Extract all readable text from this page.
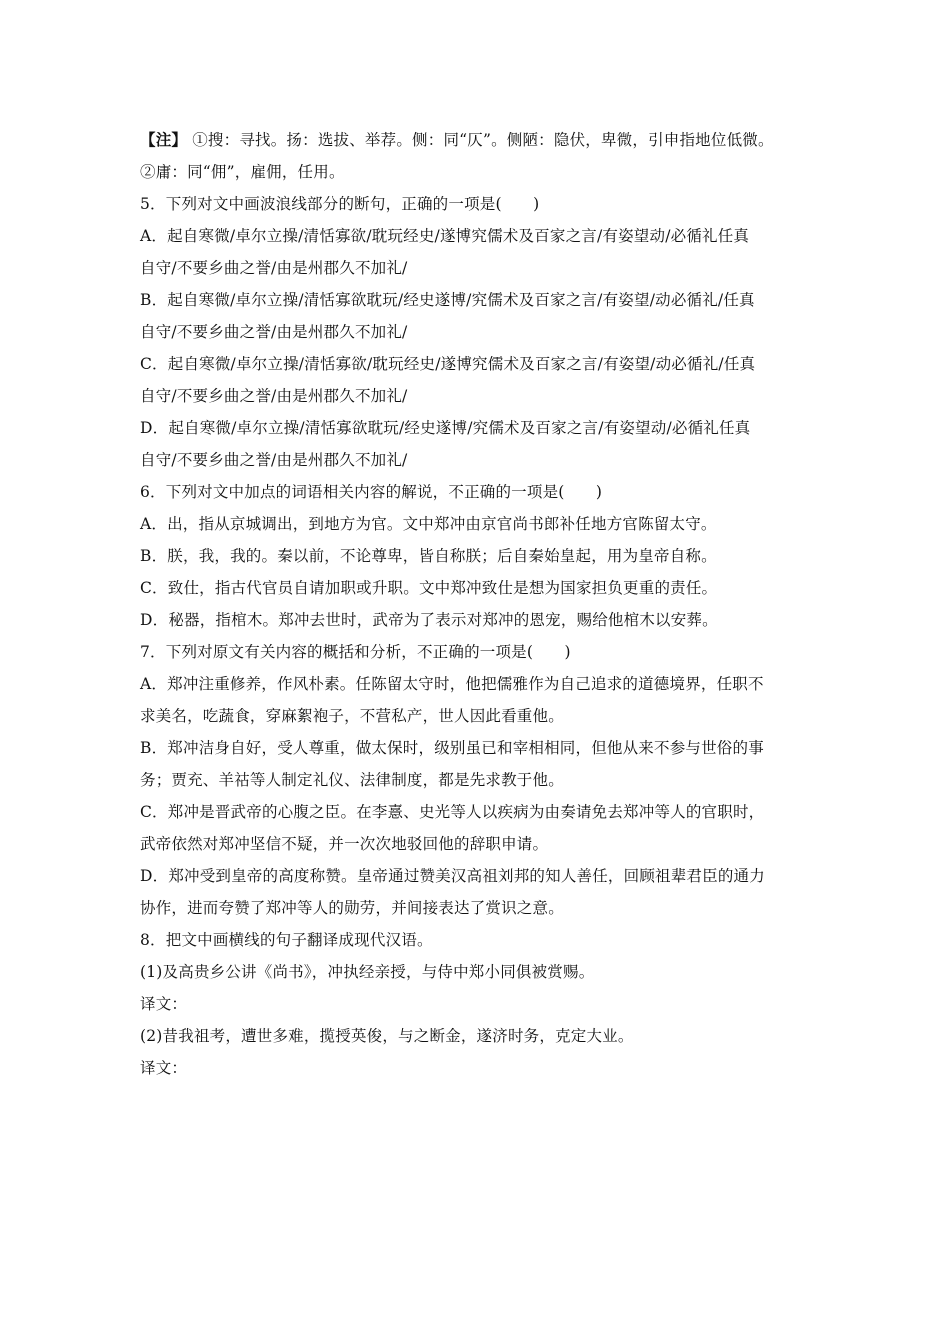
【注】 ①搜：寻找。扬：选拔、举荐。侧：同“仄”。侧陋：隐伏，卑微，引申指地位低微。
②庸：同“佣”，雇佣，任用。
5．下列对文中画波浪线部分的断句，正确的一项是(　　)
A．起自寒微/卓尔立操/清恬寡欲/耽玩经史/遂博究儒术及百家之言/有姿望动/必循礼任真
自守/不要乡曲之誉/由是州郡久不加礼/
B．起自寒微/卓尔立操/清恬寡欲耽玩/经史遂博/究儒术及百家之言/有姿望/动必循礼/任真
自守/不要乡曲之誉/由是州郡久不加礼/
C．起自寒微/卓尔立操/清恬寡欲/耽玩经史/遂博究儒术及百家之言/有姿望/动必循礼/任真
自守/不要乡曲之誉/由是州郡久不加礼/
D．起自寒微/卓尔立操/清恬寡欲耽玩/经史遂博/究儒术及百家之言/有姿望动/必循礼任真
自守/不要乡曲之誉/由是州郡久不加礼/
6．下列对文中加点的词语相关内容的解说，不正确的一项是(　　)
A．出，指从京城调出，到地方为官。文中郑冲由京官尚书郎补任地方官陈留太守。
B．朕，我，我的。秦以前，不论尊卑，皆自称朕；后自秦始皇起，用为皇帝自称。
C．致仕，指古代官员自请加职或升职。文中郑冲致仕是想为国家担负更重的责任。
D．秘器，指棺木。郑冲去世时，武帝为了表示对郑冲的恩宠，赐给他棺木以安葬。
7．下列对原文有关内容的概括和分析，不正确的一项是(　　)
A．郑冲注重修养，作风朴素。任陈留太守时，他把儒雅作为自己追求的道德境界，任职不
求美名，吃蔬食，穿麻絮袍子，不营私产，世人因此看重他。
B．郑冲洁身自好，受人尊重，做太保时，级别虽已和宰相相同，但他从来不参与世俗的事
务；贾充、羊祜等人制定礼仪、法律制度，都是先求教于他。
C．郑冲是晋武帝的心腹之臣。在李憙、史光等人以疾病为由奏请免去郑冲等人的官职时，
武帝依然对郑冲坚信不疑，并一次次地驳回他的辞职申请。
D．郑冲受到皇帝的高度称赞。皇帝通过赞美汉高祖刘邦的知人善任，回顾祖辈君臣的通力
协作，进而夸赞了郑冲等人的勋劳，并间接表达了赏识之意。
8．把文中画横线的句子翻译成现代汉语。
(1)及高贵乡公讲《尚书》，冲执经亲授，与侍中郑小同俱被赏赐。
译文：
(2)昔我祖考，遭世多难，揽授英俊，与之断金，遂济时务，克定大业。
译文：
